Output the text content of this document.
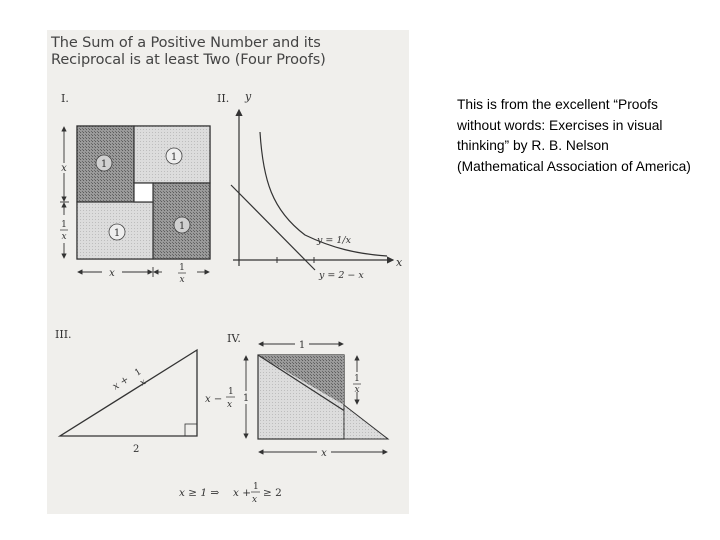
The Sum of a Positive Number and its
Reciprocal is at least Two (Four Proofs)
I.	II.
III.	IV.
1
1
1
1
x
1
x
x	1
x
y
x
y = 1/x
y = 2 − x
x +
1
x
x −
1
x
2
1
1
1
x
x
x ≥ 1 ⇒ x + 1
x
≥ 2
This is from the excellent “Proofs without words: Exercises in visual thinking” by R. B. Nelson (Mathematical Association of America)
